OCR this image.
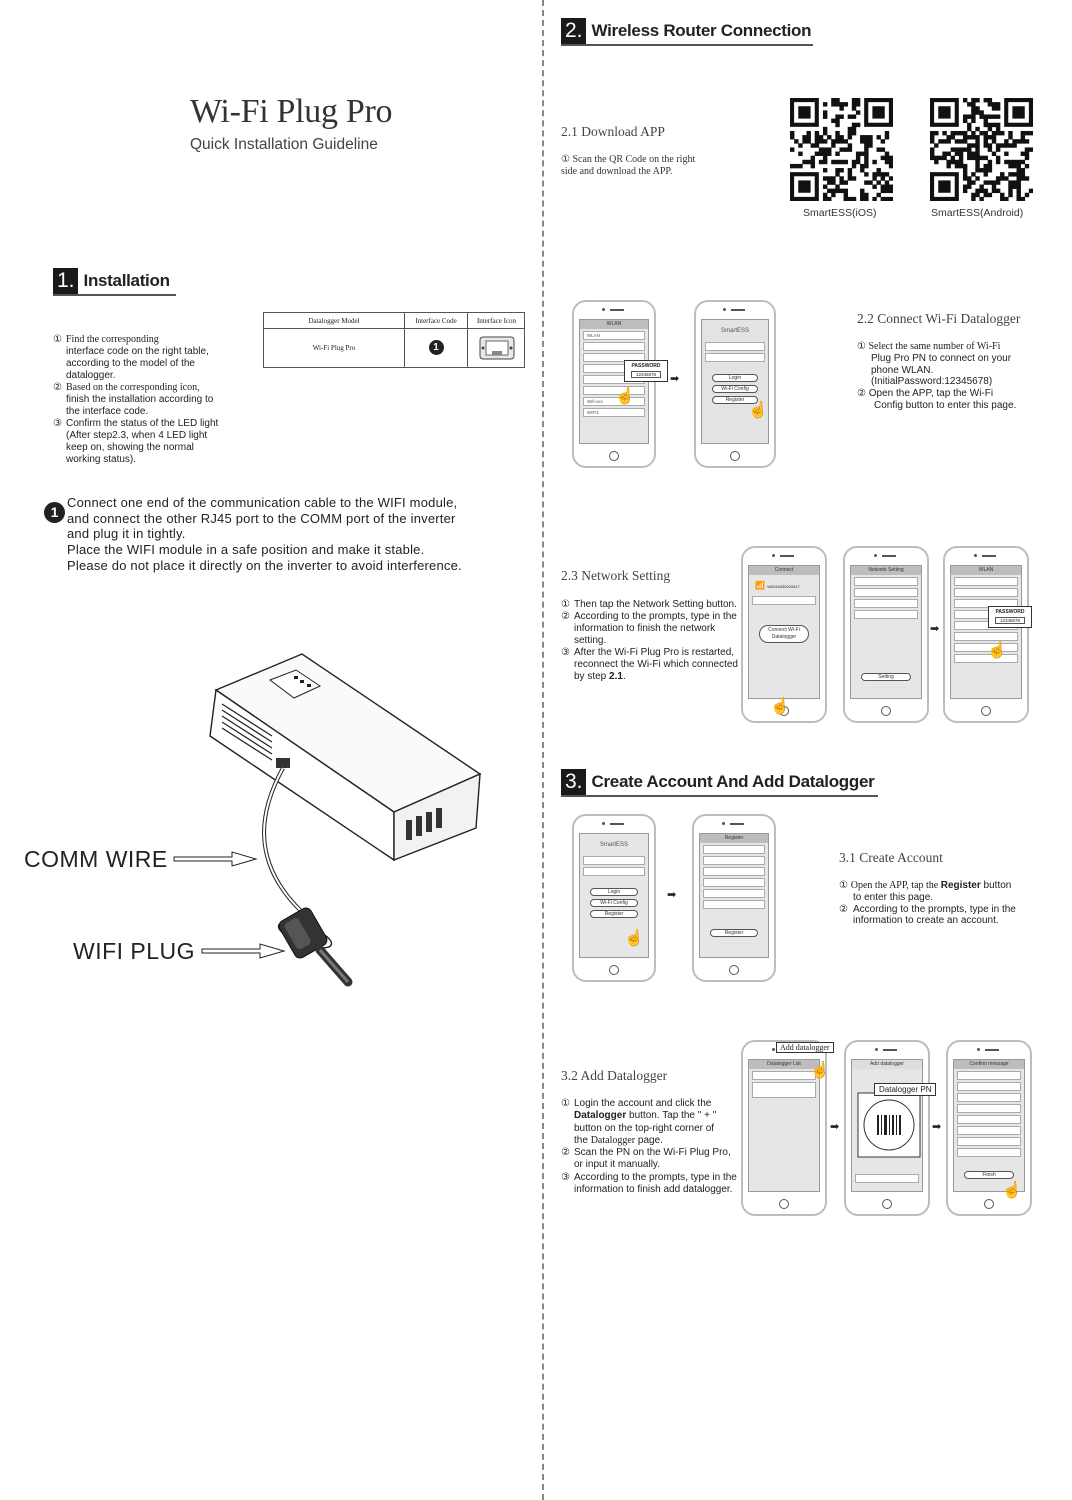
Wi-Fi Plug Pro
Quick Installation Guideline
1. Installation
① Find the corresponding
interface code on the right table, according to the model of the datalogger.
② Based on the corresponding icon,
finish the installation according to the interface code.
③ Confirm the status of the LED light
(After step2.3, when 4 LED light keep on, showing the normal working status).
Datalogger Model	Interface Code	Interface Icon
Wi-Fi Plug Pro	1
1
Connect one end of the communication cable to the WIFI module,
and connect the other RJ45 port to the COMM port of the inverter
and plug it in tightly.
Place the WIFI module in a safe position and make it stable.
Please do not place it directly on the inverter to avoid interference.
COMM WIRE
WIFI PLUG
2. Wireless Router Connection
2.1 Download APP
① Scan the QR Code on the right
side and download the APP.
SmartESS(iOS)	SmartESS(Android)
WLAN
WLAN
Wifi-xxx
WIFI1
PASSWORD
12345678
☝
➡
SmartESS
Login
Wi-Fi Config
Register
☝
2.2 Connect Wi-Fi Datalogger
① Select the same number of Wi-Fi
Plug Pro PN to connect on your phone WLAN. (InitialPassword:12345678)
② Open the APP, tap the Wi-Fi
Config button to enter this page.
2.3 Network Setting
① Then tap the Network Setting button.
② According to the prompts, type in the information to finish the network setting.
③ After the Wi-Fi Plug Pro is restarted, reconnect the Wi-Fi which connected by step 2.1.
Connect
📶 W0016250020617
Connect Wi-Fi Datalogger
☝
Network Setting
Setting
➡
WLAN
PASSWORD
12345678
☝
3. Create Account And Add Datalogger
SmartESS
Login
Wi-Fi Config
Register
☝
➡
Register
Register
3.1 Create Account
① Open the APP, tap the Register button
to enter this page.
② According to the prompts, type in the information to create an account.
3.2 Add Datalogger
① Login the account and click the
Datalogger button. Tap the " + "
button on the top-right corner of
the Datalogger page.
② Scan the PN on the Wi-Fi Plug Pro, or input it manually.
③ According to the prompts, type in the information to finish add datalogger.
Datalogger List
Add datalogger
☝
➡
Add datalogger
Datalogger PN
➡
Confirm message
Finish
☝
